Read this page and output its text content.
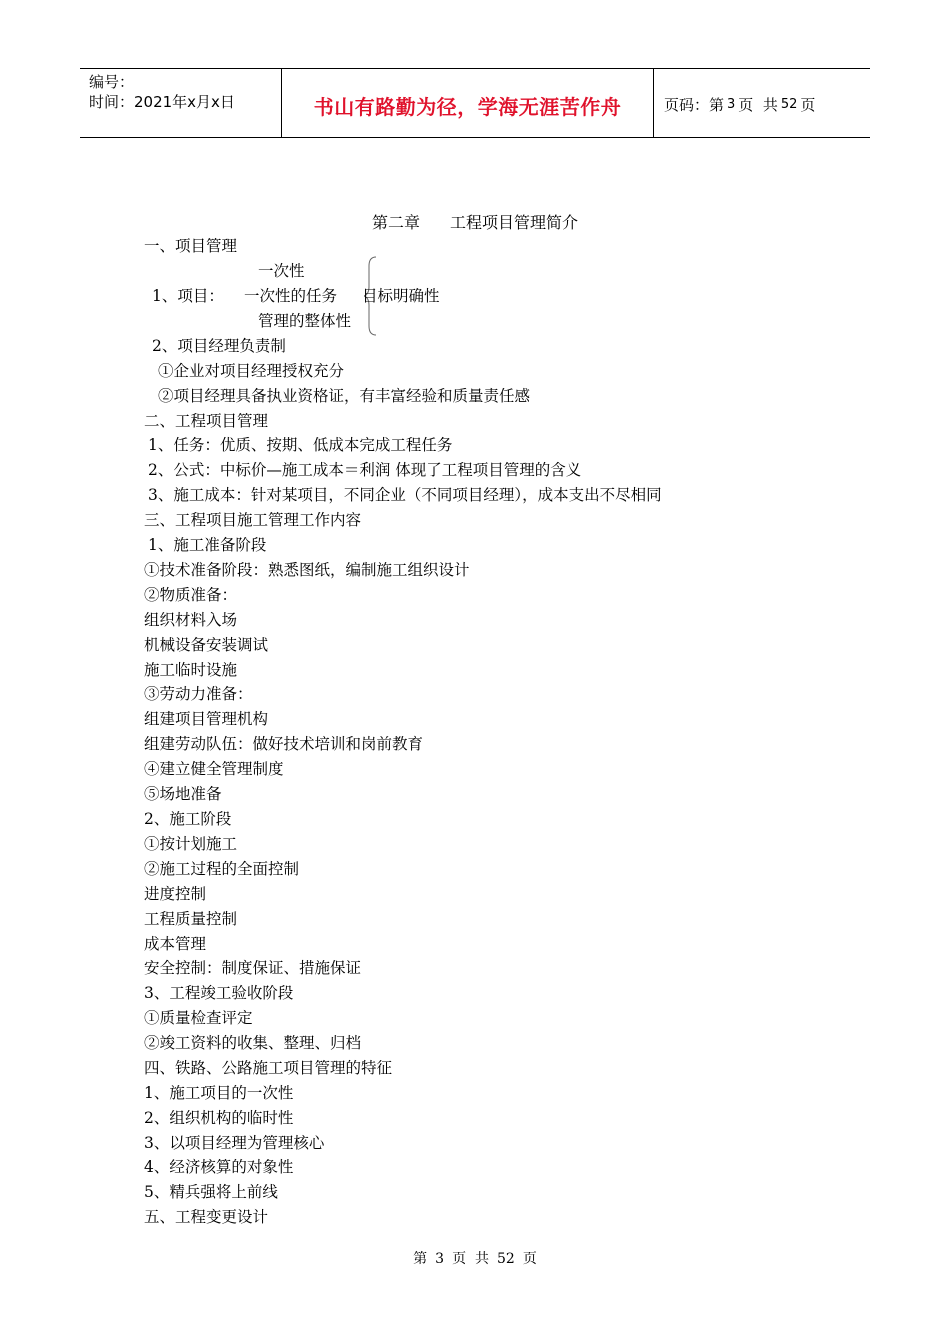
编号：
时间：2021年x月x日	书山有路勤为径，学海无涯苦作舟	页码：第 3 页  共 52 页
第二章 工程项目管理简介
一、项目管理
一次性
1、项目： 一次性的任务
管理的整体性
目标明确性
2、项目经理负责制
①企业对项目经理授权充分
②项目经理具备执业资格证，有丰富经验和质量责任感
二、工程项目管理
1、任务：优质、按期、低成本完成工程任务
2、公式：中标价—施工成本＝利润 体现了工程项目管理的含义
3、施工成本：针对某项目，不同企业（不同项目经理），成本支出不尽相同
三、工程项目施工管理工作内容
1、施工准备阶段
①技术准备阶段：熟悉图纸，编制施工组织设计
②物质准备：
组织材料入场
机械设备安装调试
施工临时设施
③劳动力准备：
组建项目管理机构
组建劳动队伍：做好技术培训和岗前教育
④建立健全管理制度
⑤场地准备
2、施工阶段
①按计划施工
②施工过程的全面控制
进度控制
工程质量控制
成本管理
安全控制：制度保证、措施保证
3、工程竣工验收阶段
①质量检查评定
②竣工资料的收集、整理、归档
四、铁路、公路施工项目管理的特征
1、施工项目的一次性
2、组织机构的临时性
3、以项目经理为管理核心
4、经济核算的对象性
5、精兵强将上前线
五、工程变更设计
第 3 页  共 52 页
